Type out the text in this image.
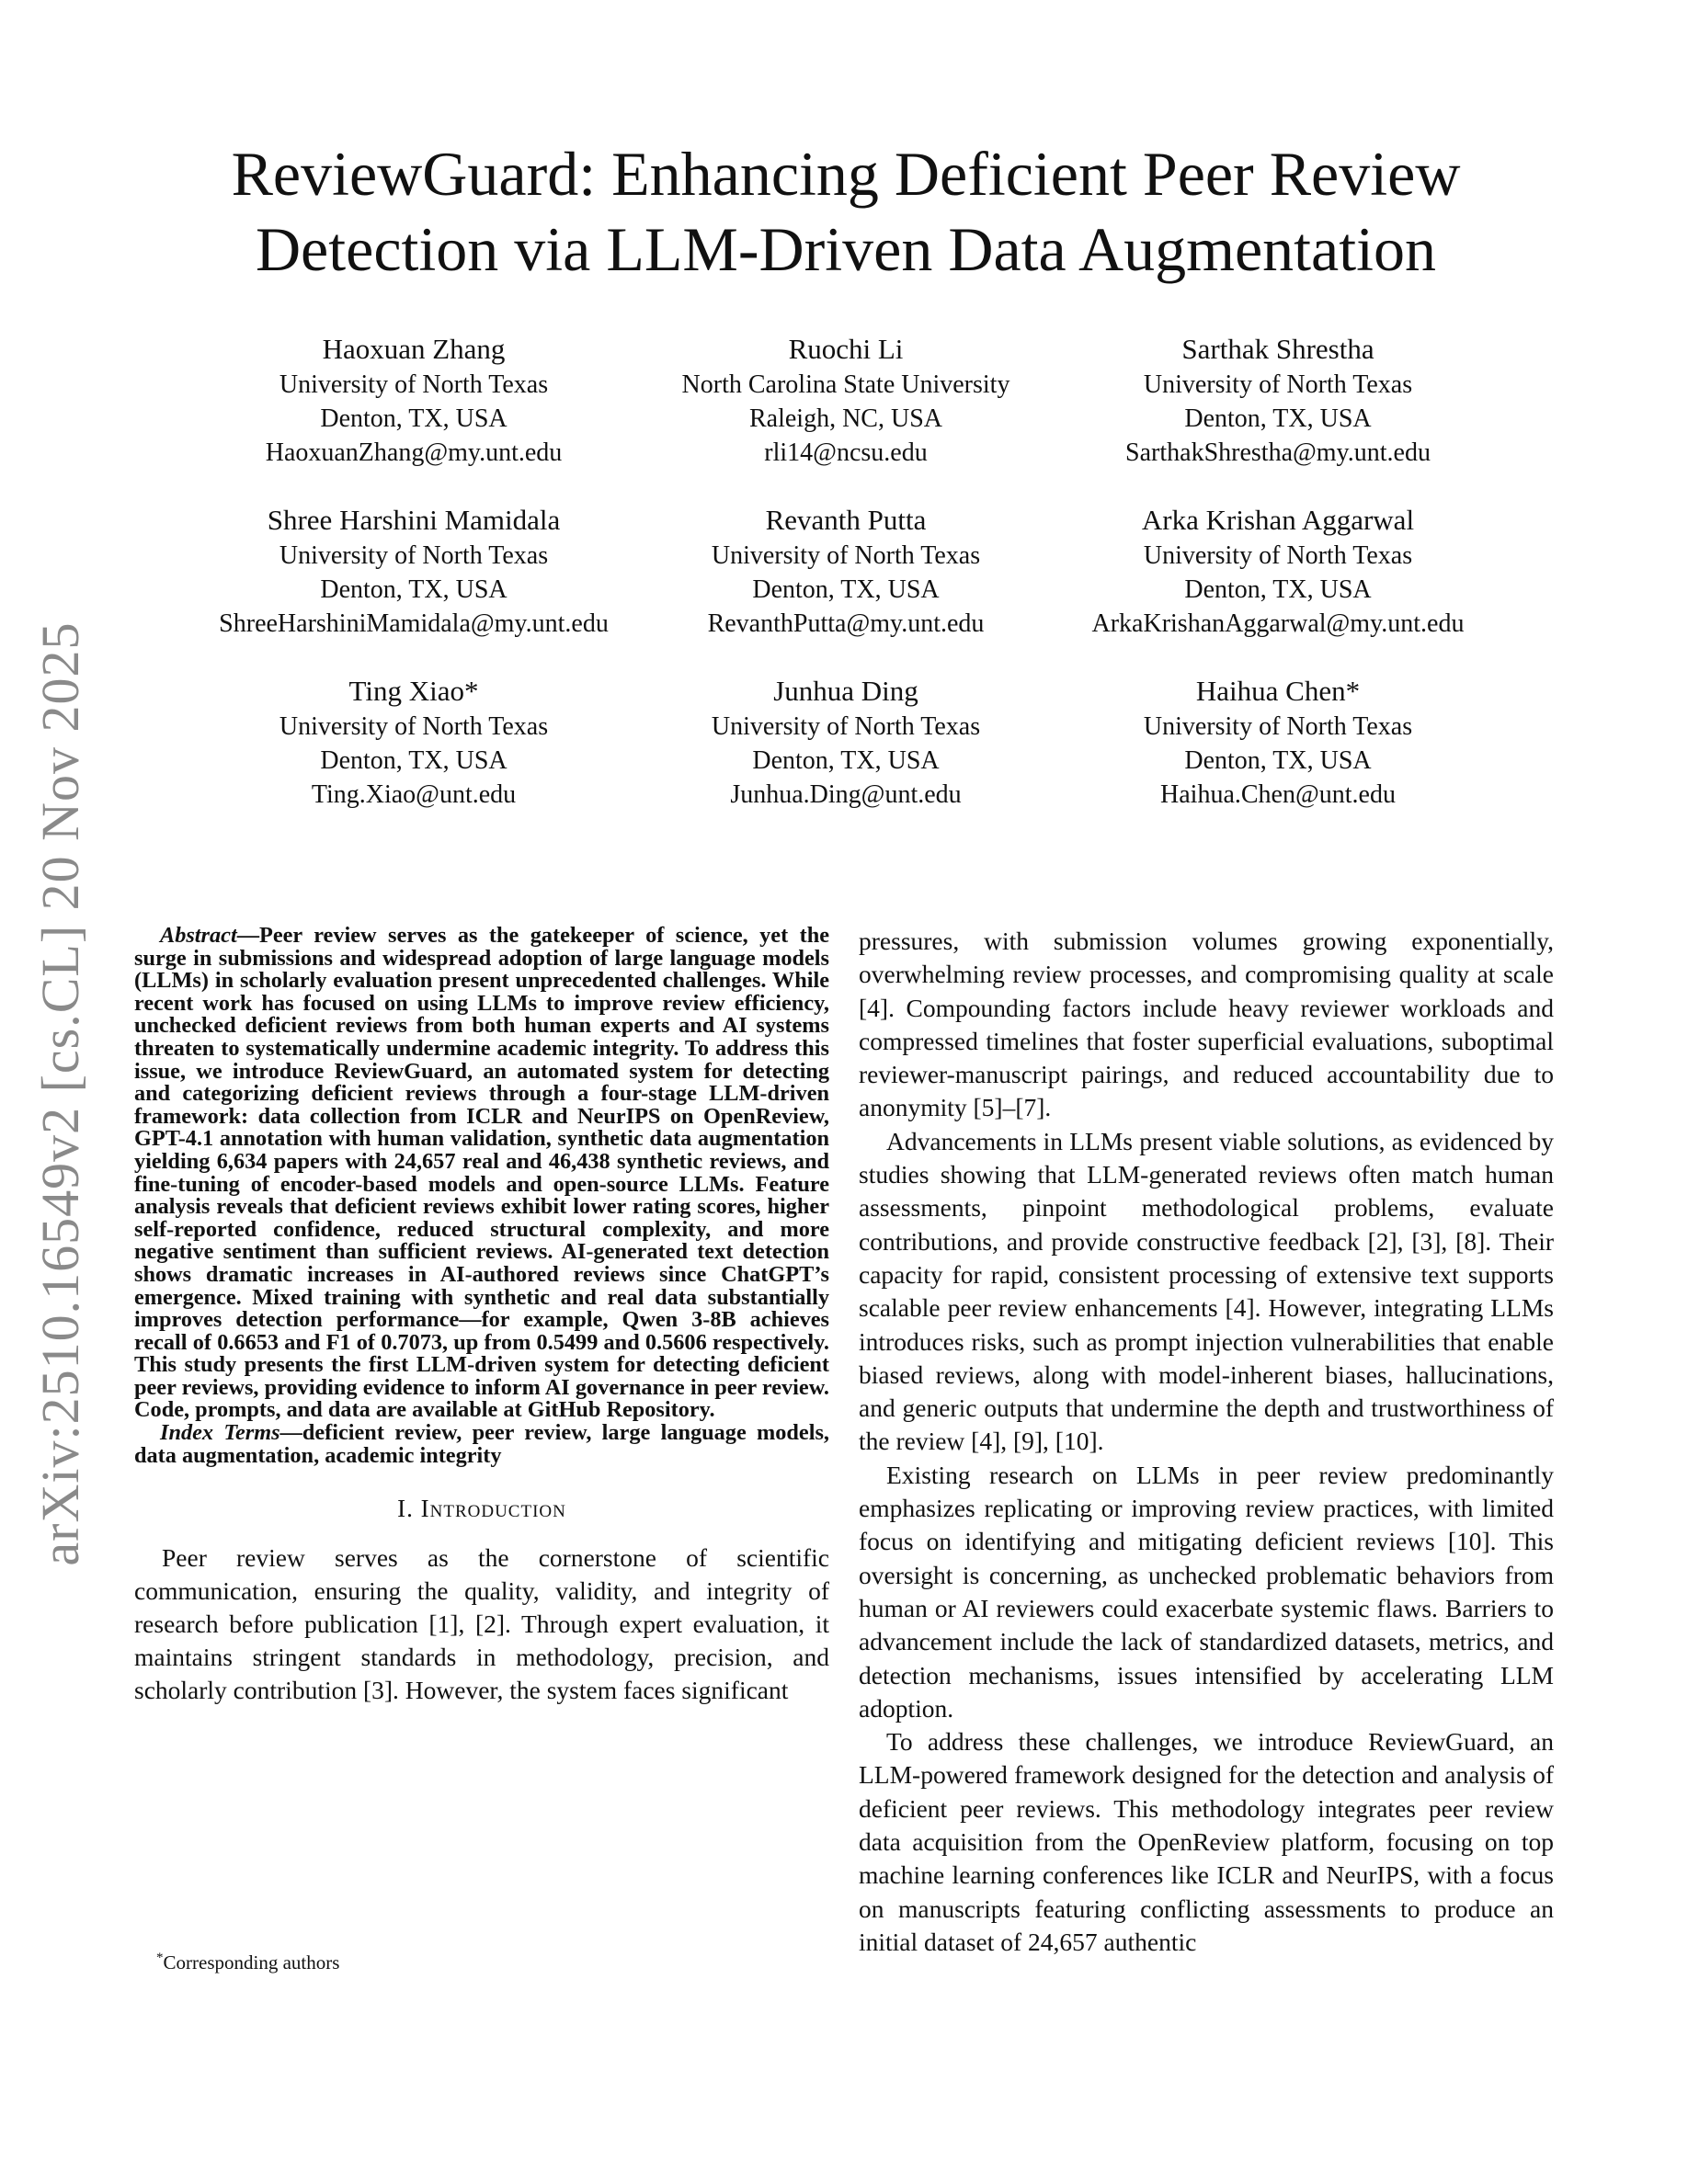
arXiv:2510.16549v2 [cs.CL] 20 Nov 2025
ReviewGuard: Enhancing Deficient Peer Review Detection via LLM-Driven Data Augmentation
Haoxuan Zhang
University of North Texas
Denton, TX, USA
HaoxuanZhang@my.unt.edu
Ruochi Li
North Carolina State University
Raleigh, NC, USA
rli14@ncsu.edu
Sarthak Shrestha
University of North Texas
Denton, TX, USA
SarthakShrestha@my.unt.edu
Shree Harshini Mamidala
University of North Texas
Denton, TX, USA
ShreeHarshiniMamidala@my.unt.edu
Revanth Putta
University of North Texas
Denton, TX, USA
RevanthPutta@my.unt.edu
Arka Krishan Aggarwal
University of North Texas
Denton, TX, USA
ArkaKrishanAggarwal@my.unt.edu
Ting Xiao*
University of North Texas
Denton, TX, USA
Ting.Xiao@unt.edu
Junhua Ding
University of North Texas
Denton, TX, USA
Junhua.Ding@unt.edu
Haihua Chen*
University of North Texas
Denton, TX, USA
Haihua.Chen@unt.edu

Abstract—Peer review serves as the gatekeeper of science, yet the surge in submissions and widespread adoption of large language models (LLMs) in scholarly evaluation present unprecedented challenges. While recent work has focused on using LLMs to improve review efficiency, unchecked deficient reviews from both human experts and AI systems threaten to systematically undermine academic integrity. To address this issue, we introduce ReviewGuard, an automated system for detecting and categorizing deficient reviews through a four-stage LLM-driven framework: data collection from ICLR and NeurIPS on OpenReview, GPT-4.1 annotation with human validation, synthetic data augmentation yielding 6,634 papers with 24,657 real and 46,438 synthetic reviews, and fine-tuning of encoder-based models and open-source LLMs. Feature analysis reveals that deficient reviews exhibit lower rating scores, higher self-reported confidence, reduced structural complexity, and more negative sentiment than sufficient reviews. AI-generated text detection shows dramatic increases in AI-authored reviews since ChatGPT’s emergence. Mixed training with synthetic and real data substantially improves detection performance—for example, Qwen 3-8B achieves recall of 0.6653 and F1 of 0.7073, up from 0.5499 and 0.5606 respectively. This study presents the first LLM-driven system for detecting deficient peer reviews, providing evidence to inform AI governance in peer review. Code, prompts, and data are available at GitHub Repository.

Index Terms—deficient review, peer review, large language models, data augmentation, academic integrity

I. Introduction

Peer review serves as the cornerstone of scientific communication, ensuring the quality, validity, and integrity of research before publication [1], [2]. Through expert evaluation, it maintains stringent standards in methodology, precision, and scholarly contribution [3]. However, the system faces significant

pressures, with submission volumes growing exponentially, overwhelming review processes, and compromising quality at scale [4]. Compounding factors include heavy reviewer workloads and compressed timelines that foster superficial evaluations, suboptimal reviewer-manuscript pairings, and reduced accountability due to anonymity [5]–[7].

Advancements in LLMs present viable solutions, as evidenced by studies showing that LLM-generated reviews often match human assessments, pinpoint methodological problems, evaluate contributions, and provide constructive feedback [2], [3], [8]. Their capacity for rapid, consistent processing of extensive text supports scalable peer review enhancements [4]. However, integrating LLMs introduces risks, such as prompt injection vulnerabilities that enable biased reviews, along with model-inherent biases, hallucinations, and generic outputs that undermine the depth and trustworthiness of the review [4], [9], [10].

Existing research on LLMs in peer review predominantly emphasizes replicating or improving review practices, with limited focus on identifying and mitigating deficient reviews [10]. This oversight is concerning, as unchecked problematic behaviors from human or AI reviewers could exacerbate systemic flaws. Barriers to advancement include the lack of standardized datasets, metrics, and detection mechanisms, issues intensified by accelerating LLM adoption.

To address these challenges, we introduce ReviewGuard, an LLM-powered framework designed for the detection and analysis of deficient peer reviews. This methodology integrates peer review data acquisition from the OpenReview platform, focusing on top machine learning conferences like ICLR and NeurIPS, with a focus on manuscripts featuring conflicting assessments to produce an initial dataset of 24,657 authentic

*Corresponding authors
